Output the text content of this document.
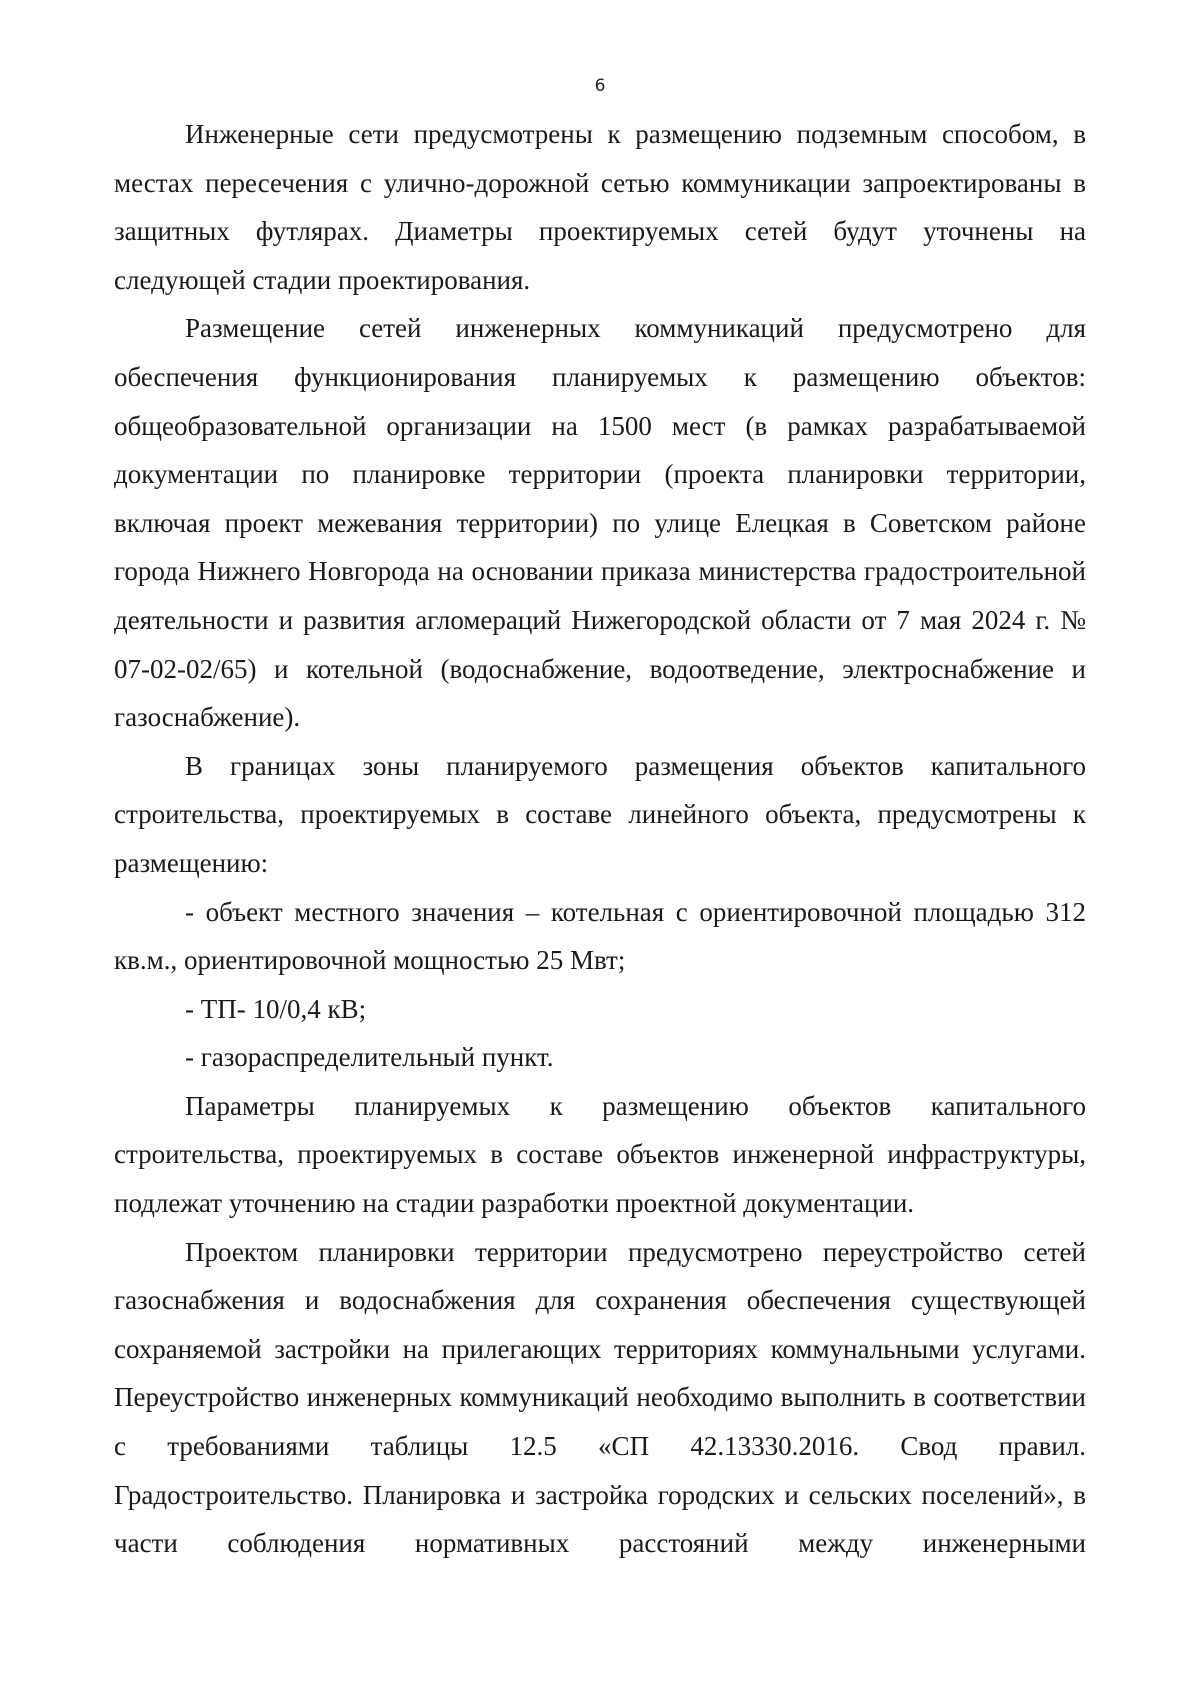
6

Инженерные сети предусмотрены к размещению подземным способом, в местах пересечения с улично-дорожной сетью коммуникации запроектированы в защитных футлярах. Диаметры проектируемых сетей будут уточнены на следующей стадии проектирования.

Размещение сетей инженерных коммуникаций предусмотрено для обеспечения функционирования планируемых к размещению объектов: общеобразовательной организации на 1500 мест (в рамках разрабатываемой документации по планировке территории (проекта планировки территории, включая проект межевания территории) по улице Елецкая в Советском районе города Нижнего Новгорода на основании приказа министерства градостроительной деятельности и развития агломераций Нижегородской области от 7 мая 2024 г. № 07-02-02/65) и котельной (водоснабжение, водоотведение, электроснабжение и газоснабжение).

В границах зоны планируемого размещения объектов капитального строительства, проектируемых в составе линейного объекта, предусмотрены к размещению:

- объект местного значения – котельная с ориентировочной площадью 312 кв.м., ориентировочной мощностью 25 Мвт;

- ТП- 10/0,4 кВ;

- газораспределительный пункт.

Параметры планируемых к размещению объектов капитального строительства, проектируемых в составе объектов инженерной инфраструктуры, подлежат уточнению на стадии разработки проектной документации.

Проектом планировки территории предусмотрено переустройство сетей газоснабжения и водоснабжения для сохранения обеспечения существующей сохраняемой застройки на прилегающих территориях коммунальными услугами. Переустройство инженерных коммуникаций необходимо выполнить в соответствии с требованиями таблицы 12.5 «СП 42.13330.2016. Свод правил. Градостроительство. Планировка и застройка городских и сельских поселений», в части соблюдения нормативных расстояний между инженерными
